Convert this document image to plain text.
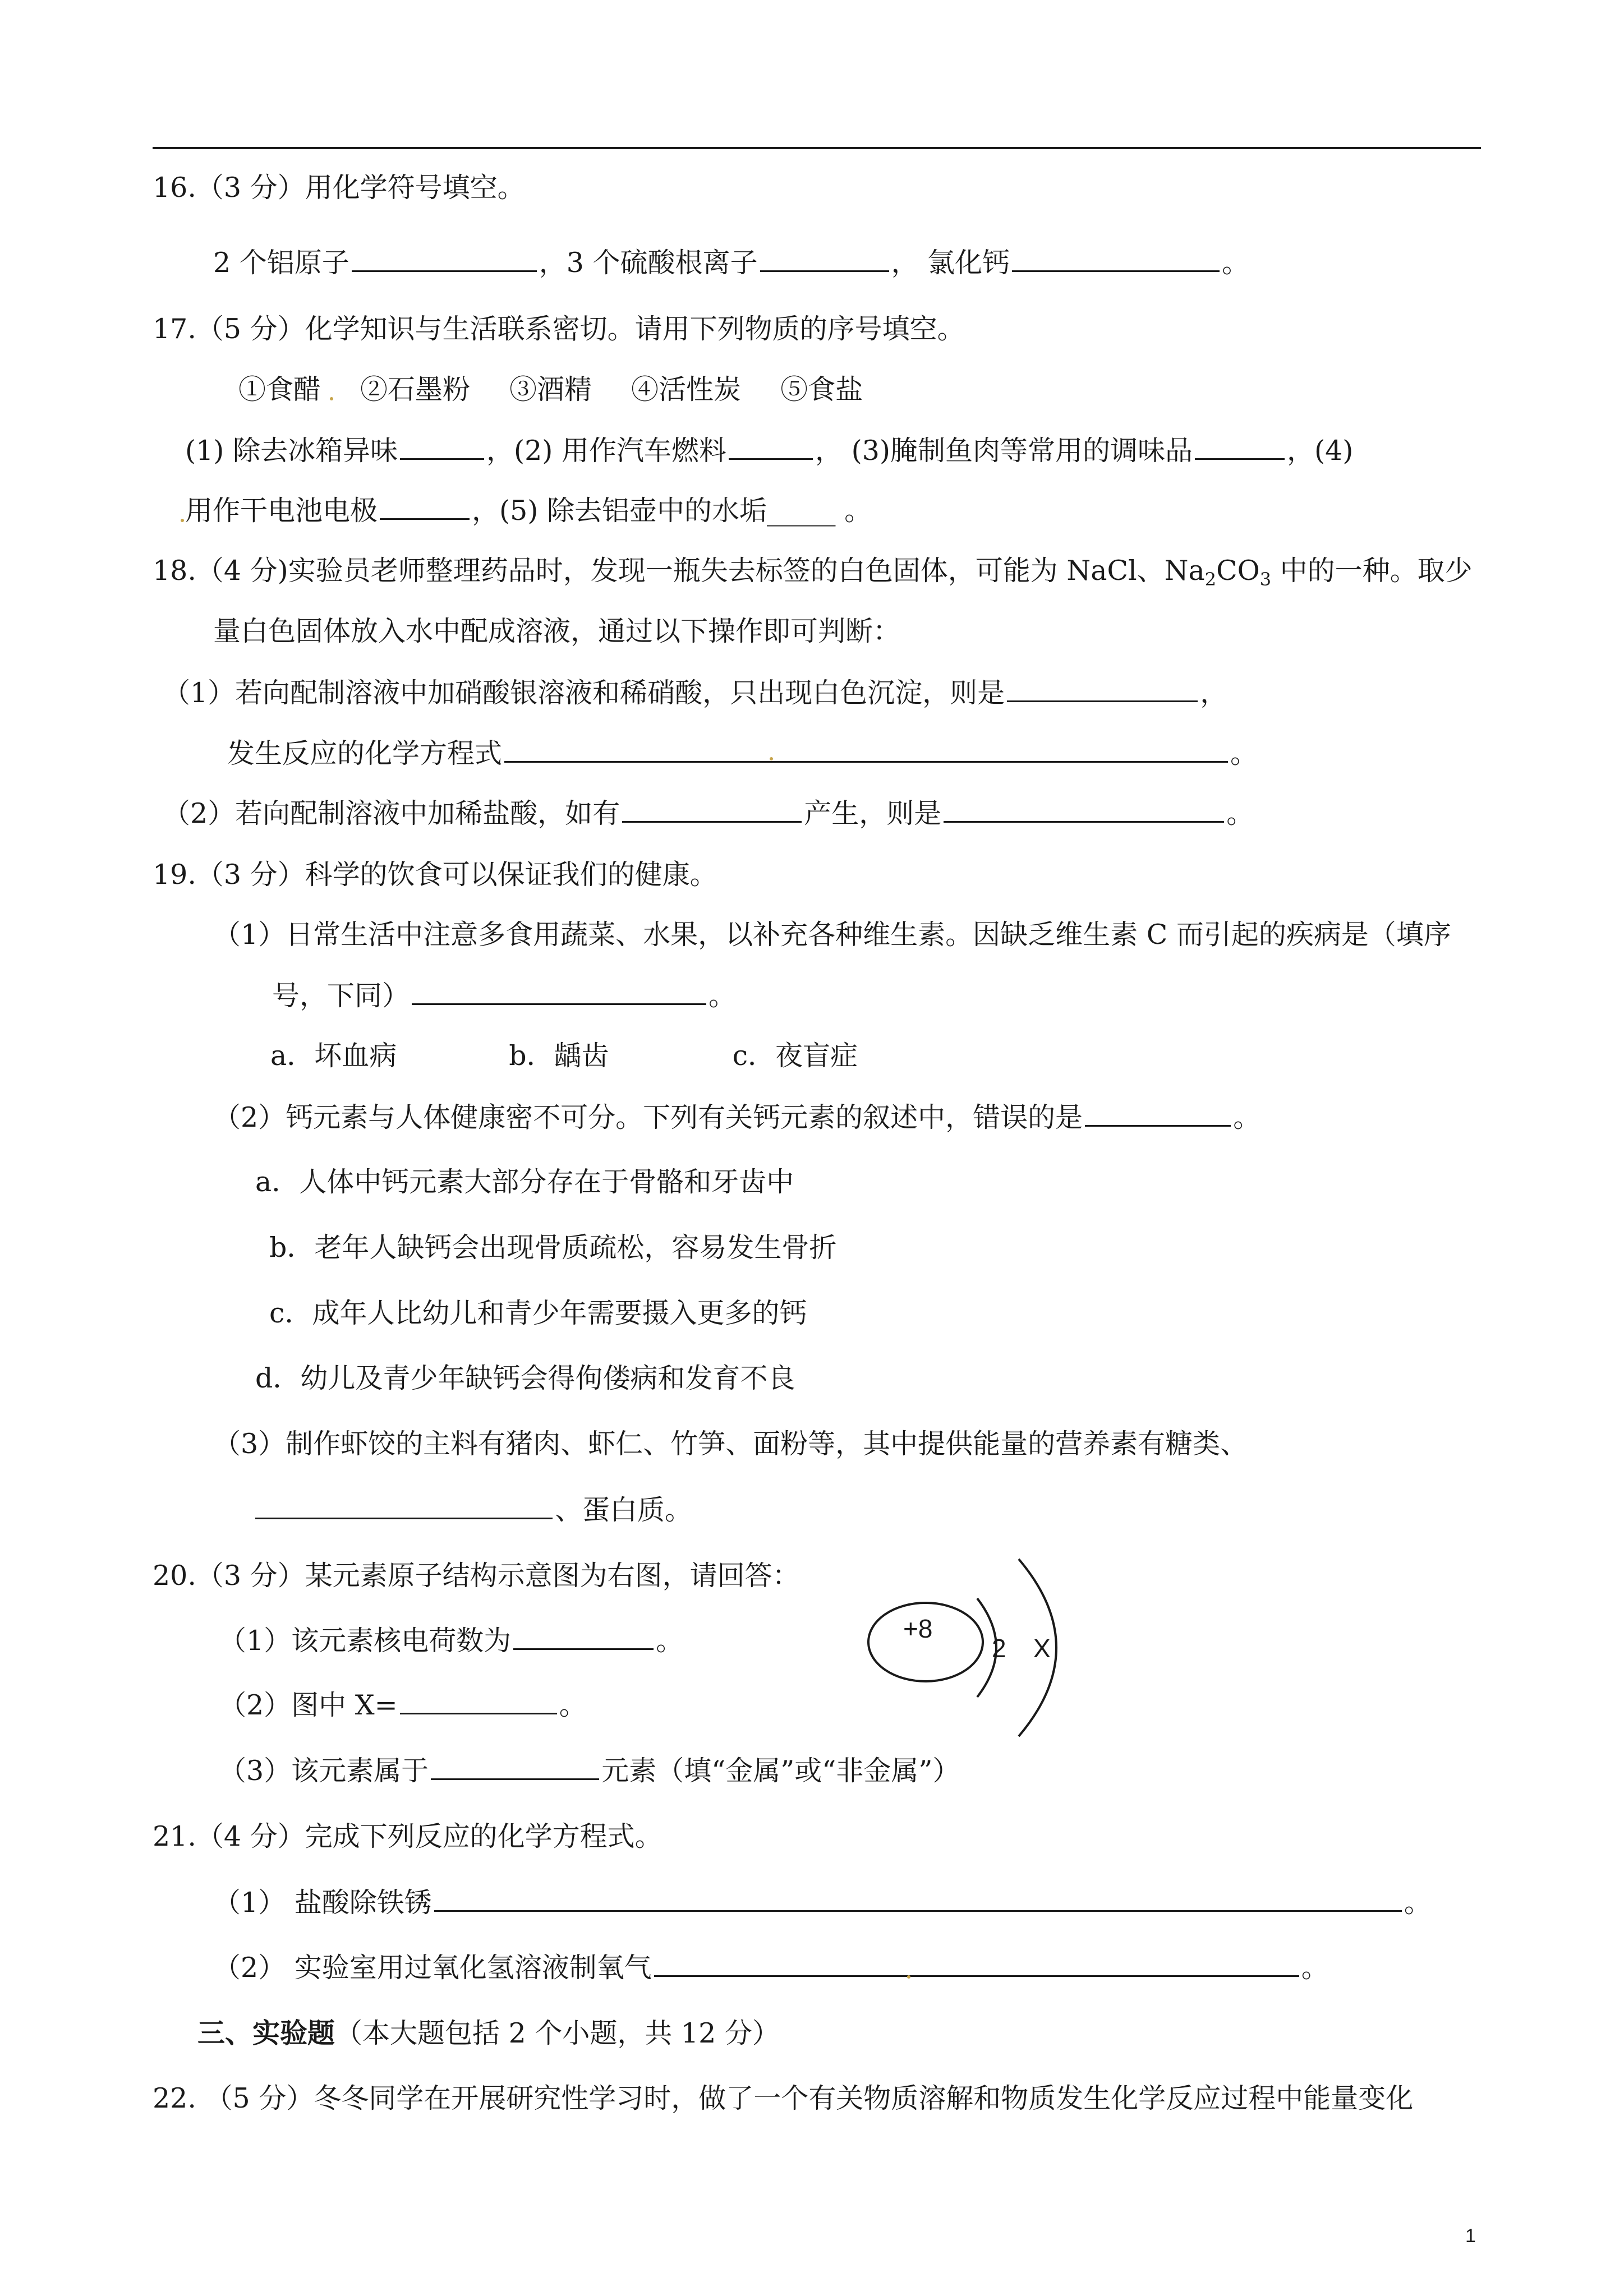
16.（3 分）用化学符号填空。
2 个铝原子	，3 个硫酸根离子	， 氯化钙	。
17.（5 分）化学知识与生活联系密切。请用下列物质的序号填空。
①食醋 ②石墨粉 ③酒精 ④活性炭 ⑤食盐
(1) 除去冰箱异味	，(2) 用作汽车燃料	， (3)腌制鱼肉等常用的调味品	，(4)
用作干电池电极	，(5) 除去铝壶中的水垢_____ 。
18.（4 分)实验员老师整理药品时，发现一瓶失去标签的白色固体，可能为 NaCl、$Na_2CO_3$ 中的一种。取少
量白色固体放入水中配成溶液，通过以下操作即可判断：
（1）若向配制溶液中加硝酸银溶液和稀硝酸，只出现白色沉淀，则是	，
发生反应的化学方程式	。
（2）若向配制溶液中加稀盐酸，如有	产生，则是	。
19.（3 分）科学的饮食可以保证我们的健康。
（1）日常生活中注意多食用蔬菜、水果，以补充各种维生素。因缺乏维生素 C 而引起的疾病是（填序
号，下同）	。
a．坏血病	b．龋齿	c．夜盲症
（2）钙元素与人体健康密不可分。下列有关钙元素的叙述中，错误的是	。
a．人体中钙元素大部分存在于骨骼和牙齿中
b．老年人缺钙会出现骨质疏松，容易发生骨折
c．成年人比幼儿和青少年需要摄入更多的钙
d．幼儿及青少年缺钙会得佝偻病和发育不良
（3）制作虾饺的主料有猪肉、虾仁、竹笋、面粉等，其中提供能量的营养素有糖类、
、蛋白质。
20.（3 分）某元素原子结构示意图为右图，请回答：
（1）该元素核电荷数为	。
（2）图中 X=	。
（3）该元素属于	元素（填“金属”或“非金属”）
+8
2 X
21.（4 分）完成下列反应的化学方程式。
（1） 盐酸除铁锈	。
（2） 实验室用过氧化氢溶液制氧气	。
三、实验题（本大题包括 2 个小题，共 12 分）
22. （5 分）冬冬同学在开展研究性学习时，做了一个有关物质溶解和物质发生化学反应过程中能量变化
1
